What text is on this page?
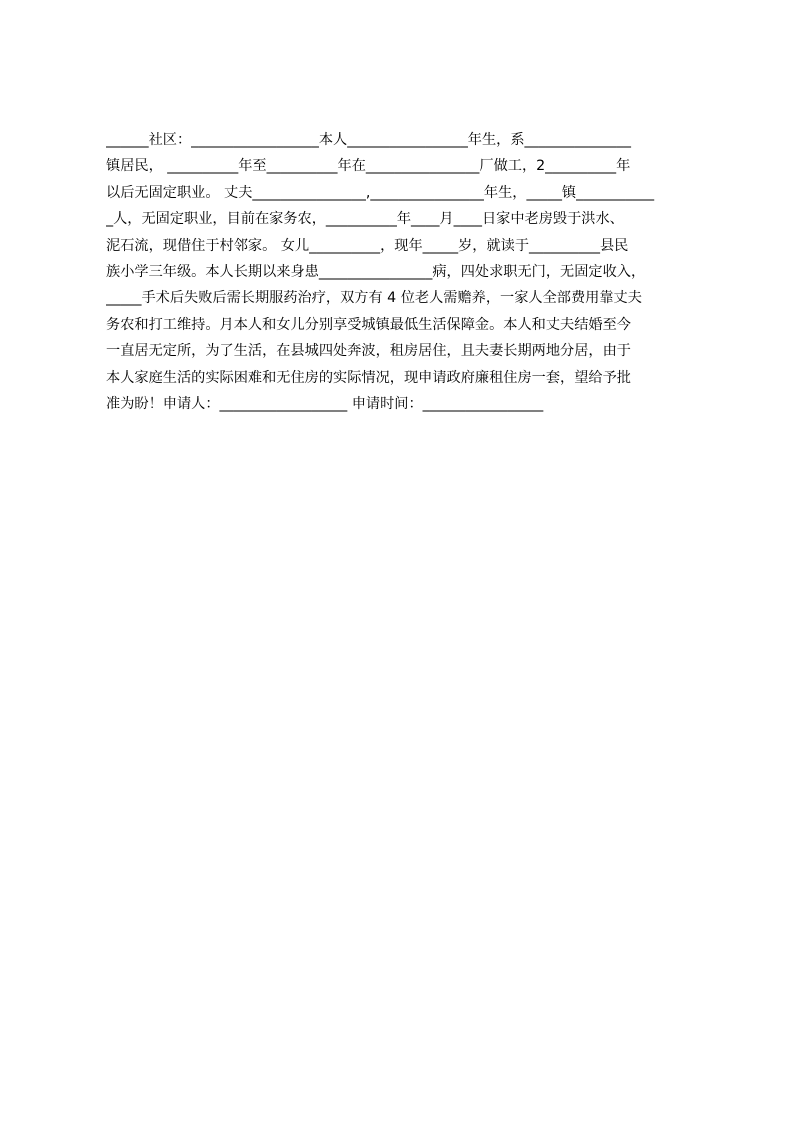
______社区：__________________本人_________________年生，系_______________
镇居民， __________年至__________年在________________厂做工，2__________年
以后无固定职业。 丈夫________________,________________年生，_____镇___________
_人，无固定职业，目前在家务农，__________年____月____日家中老房毁于洪水、
泥石流，现借住于村邻家。 女儿__________，现年_____岁，就读于__________县民
族小学三年级。本人长期以来身患________________病，四处求职无门，无固定收入，
_____手术后失败后需长期服药治疗，双方有 4 位老人需赡养，一家人全部费用靠丈夫
务农和打工维持。月本人和女儿分别享受城镇最低生活保障金。本人和丈夫结婚至今
一直居无定所，为了生活，在县城四处奔波，租房居住，且夫妻长期两地分居，由于
本人家庭生活的实际困难和无住房的实际情况，现申请政府廉租住房一套，望给予批
准为盼！申请人：__________________ 申请时间：_________________
